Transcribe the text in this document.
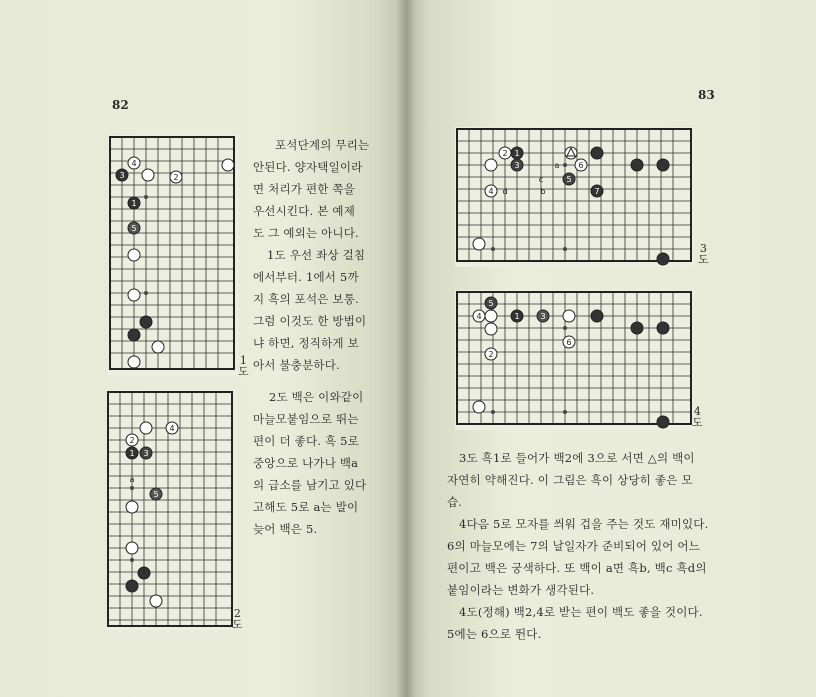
82
4
3	2
1
5
1
도
4
2
1 3
5
a
2
도
포석단계의 무리는
안된다. 양자택일이라
면 처리가 편한 쪽을
우선시킨다. 본 예제
도 그 예외는 아니다.
1도 우선 좌상 걸침
에서부터. 1에서 5까
지 흑의 포석은 보통.
그럼 이것도 한 방법이
냐 하면, 정직하게 보
아서 불충분하다.
2도 백은 이와같이
마늘모붙임으로 뛰는
편이 더 좋다. 흑 5로
중앙으로 나가나 백a
의 급소를 남기고 있다
고해도 5로 a는 발이
늦어 백은 5.
83
2 1
3	6
5
4	7
a
c
b
d
3
도
5
4	1	3
6
2
4
도
3도 흑1로 들어가 백2에 3으로 서면 △의 백이
자연히 약해진다. 이 그림은 흑이 상당히 좋은 모
습.
4다음 5로 모자를 씌워 겁을 주는 것도 재미있다.
6의 마늘모에는 7의 날일자가 준비되어 있어 어느
편이고 백은 궁색하다. 또 백이 a면 흑b, 백c 흑d의
붙임이라는 변화가 생각된다.
4도(정해) 백2,4로 받는 편이 백도 좋을 것이다.
5에는 6으로 뛴다.
